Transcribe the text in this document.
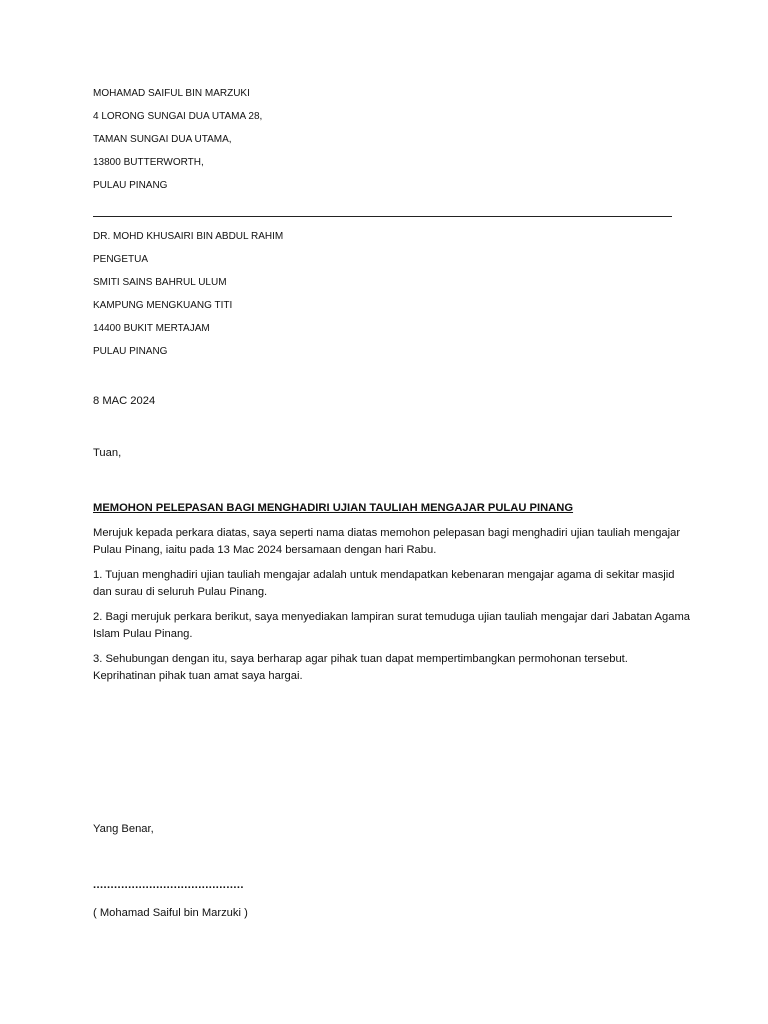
MOHAMAD SAIFUL BIN MARZUKI
4 LORONG SUNGAI DUA UTAMA 28,
TAMAN SUNGAI DUA UTAMA,
13800 BUTTERWORTH,
PULAU PINANG
DR. MOHD KHUSAIRI BIN ABDUL RAHIM
PENGETUA
SMITI SAINS BAHRUL ULUM
KAMPUNG MENGKUANG TITI
14400 BUKIT MERTAJAM
PULAU PINANG
8 MAC 2024
Tuan,
MEMOHON PELEPASAN BAGI MENGHADIRI UJIAN TAULIAH MENGAJAR PULAU PINANG
Merujuk kepada perkara diatas, saya seperti nama diatas memohon pelepasan bagi menghadiri ujian tauliah mengajar Pulau Pinang, iaitu pada 13 Mac 2024 bersamaan dengan hari Rabu.
1. Tujuan menghadiri ujian tauliah mengajar adalah untuk mendapatkan kebenaran mengajar agama di sekitar masjid dan surau di seluruh Pulau Pinang.
2. Bagi merujuk perkara berikut, saya menyediakan lampiran surat temuduga ujian tauliah mengajar dari Jabatan Agama Islam Pulau Pinang.
3. Sehubungan dengan itu, saya berharap agar pihak tuan dapat mempertimbangkan permohonan tersebut. Keprihatinan pihak tuan amat saya hargai.
Yang Benar,
...........................................
( Mohamad Saiful bin Marzuki )
